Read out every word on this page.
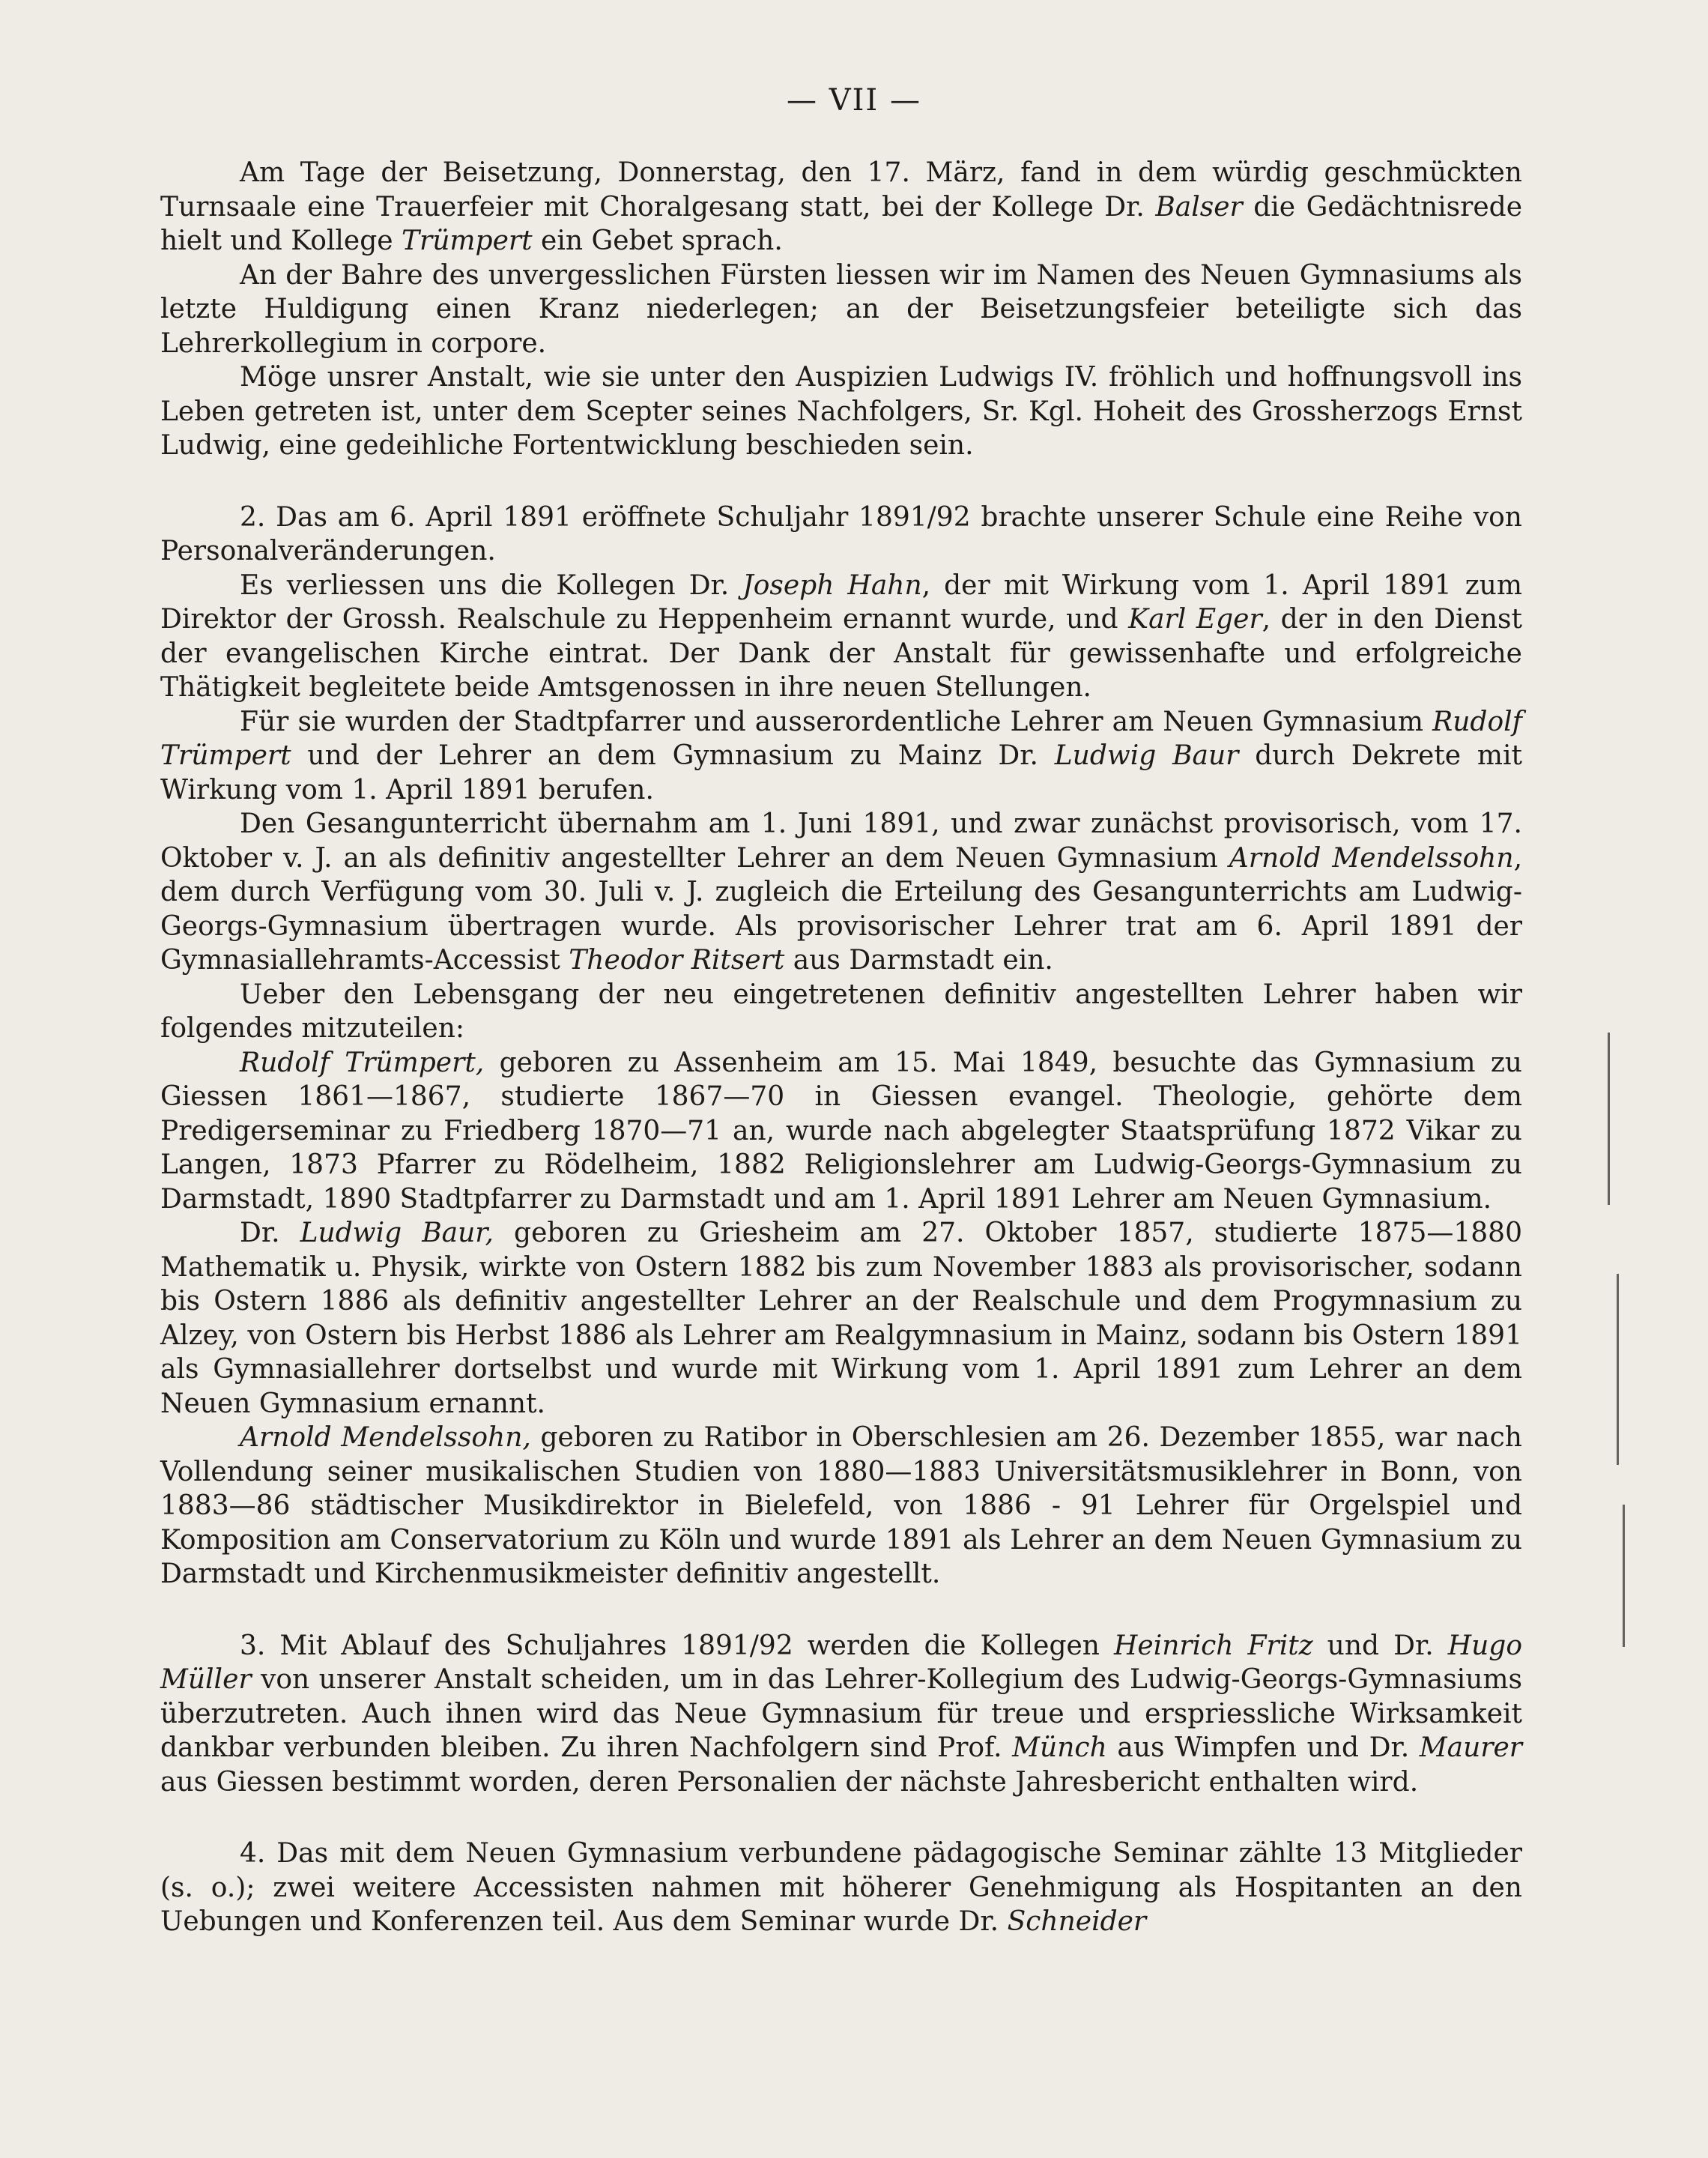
— VII —

Am Tage der Beisetzung, Donnerstag, den 17. März, fand in dem würdig geschmückten Turnsaale eine Trauerfeier mit Choralgesang statt, bei der Kollege Dr. Balser die Gedächtnisrede hielt und Kollege Trümpert ein Gebet sprach.

An der Bahre des unvergesslichen Fürsten liessen wir im Namen des Neuen Gymnasiums als letzte Huldigung einen Kranz niederlegen; an der Beisetzungsfeier beteiligte sich das Lehrerkollegium in corpore.

Möge unsrer Anstalt, wie sie unter den Auspizien Ludwigs IV. fröhlich und hoffnungsvoll ins Leben getreten ist, unter dem Scepter seines Nachfolgers, Sr. Kgl. Hoheit des Grossherzogs Ernst Ludwig, eine gedeihliche Fortentwicklung beschieden sein.

2. Das am 6. April 1891 eröffnete Schuljahr 1891/92 brachte unserer Schule eine Reihe von Personalveränderungen.

Es verliessen uns die Kollegen Dr. Joseph Hahn, der mit Wirkung vom 1. April 1891 zum Direktor der Grossh. Realschule zu Heppenheim ernannt wurde, und Karl Eger, der in den Dienst der evangelischen Kirche eintrat. Der Dank der Anstalt für gewissenhafte und erfolgreiche Thätigkeit begleitete beide Amtsgenossen in ihre neuen Stellungen.

Für sie wurden der Stadtpfarrer und ausserordentliche Lehrer am Neuen Gymnasium Rudolf Trümpert und der Lehrer an dem Gymnasium zu Mainz Dr. Ludwig Baur durch Dekrete mit Wirkung vom 1. April 1891 berufen.

Den Gesangunterricht übernahm am 1. Juni 1891, und zwar zunächst provisorisch, vom 17. Oktober v. J. an als definitiv angestellter Lehrer an dem Neuen Gymnasium Arnold Mendelssohn, dem durch Verfügung vom 30. Juli v. J. zugleich die Erteilung des Gesangunterrichts am Ludwig-Georgs-Gymnasium übertragen wurde. Als provisorischer Lehrer trat am 6. April 1891 der Gymnasiallehramts-Accessist Theodor Ritsert aus Darmstadt ein.

Ueber den Lebensgang der neu eingetretenen definitiv angestellten Lehrer haben wir folgendes mitzuteilen:

Rudolf Trümpert, geboren zu Assenheim am 15. Mai 1849, besuchte das Gymnasium zu Giessen 1861—1867, studierte 1867—70 in Giessen evangel. Theologie, gehörte dem Predigerseminar zu Friedberg 1870—71 an, wurde nach abgelegter Staatsprüfung 1872 Vikar zu Langen, 1873 Pfarrer zu Rödelheim, 1882 Religionslehrer am Ludwig-Georgs-Gymnasium zu Darmstadt, 1890 Stadtpfarrer zu Darmstadt und am 1. April 1891 Lehrer am Neuen Gymnasium.

Dr. Ludwig Baur, geboren zu Griesheim am 27. Oktober 1857, studierte 1875—1880 Mathematik u. Physik, wirkte von Ostern 1882 bis zum November 1883 als provisorischer, sodann bis Ostern 1886 als definitiv angestellter Lehrer an der Realschule und dem Progymnasium zu Alzey, von Ostern bis Herbst 1886 als Lehrer am Realgymnasium in Mainz, sodann bis Ostern 1891 als Gymnasiallehrer dortselbst und wurde mit Wirkung vom 1. April 1891 zum Lehrer an dem Neuen Gymnasium ernannt.

Arnold Mendelssohn, geboren zu Ratibor in Oberschlesien am 26. Dezember 1855, war nach Vollendung seiner musikalischen Studien von 1880—1883 Universitätsmusiklehrer in Bonn, von 1883—86 städtischer Musikdirektor in Bielefeld, von 1886 - 91 Lehrer für Orgelspiel und Komposition am Conservatorium zu Köln und wurde 1891 als Lehrer an dem Neuen Gymnasium zu Darmstadt und Kirchenmusikmeister definitiv angestellt.

3. Mit Ablauf des Schuljahres 1891/92 werden die Kollegen Heinrich Fritz und Dr. Hugo Müller von unserer Anstalt scheiden, um in das Lehrer-Kollegium des Ludwig-Georgs-Gymnasiums überzutreten. Auch ihnen wird das Neue Gymnasium für treue und erspriessliche Wirksamkeit dankbar verbunden bleiben. Zu ihren Nachfolgern sind Prof. Münch aus Wimpfen und Dr. Maurer aus Giessen bestimmt worden, deren Personalien der nächste Jahresbericht enthalten wird.

4. Das mit dem Neuen Gymnasium verbundene pädagogische Seminar zählte 13 Mitglieder (s. o.); zwei weitere Accessisten nahmen mit höherer Genehmigung als Hospitanten an den Uebungen und Konferenzen teil. Aus dem Seminar wurde Dr. Schneider
